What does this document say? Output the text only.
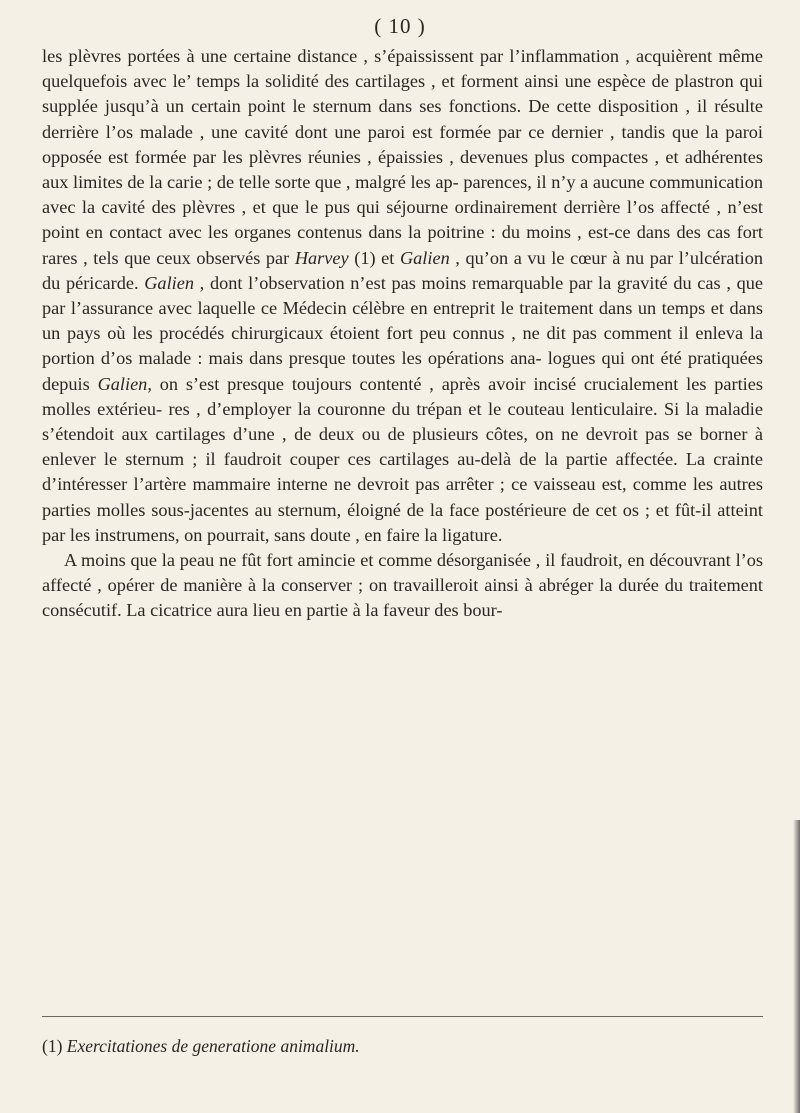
( 10 )

les plèvres portées à une certaine distance , s’épaississent par l’inflammation , acquièrent même quelquefois avec le’ temps la solidité des cartilages , et forment ainsi une espèce de plastron qui supplée jusqu’à un certain point le sternum dans ses fonctions. De cette disposition , il résulte derrière l’os malade , une cavité dont une paroi est formée par ce dernier , tandis que la paroi opposée est formée par les plèvres réunies , épaissies , devenues plus compactes , et adhérentes aux limites de la carie ; de telle sorte que , malgré les ap- parences, il n’y a aucune communication avec la cavité des plèvres , et que le pus qui séjourne ordinairement derrière l’os affecté , n’est point en contact avec les organes contenus dans la poitrine : du moins , est-ce dans des cas fort rares , tels que ceux observés par Harvey (1) et Galien , qu’on a vu le cœur à nu par l’ulcération du péricarde. Galien , dont l’observation n’est pas moins remarquable par la gravité du cas , que par l’assurance avec laquelle ce Médecin célèbre en entreprit le traitement dans un temps et dans un pays où les procédés chirurgicaux étoient fort peu connus , ne dit pas comment il enleva la portion d’os malade : mais dans presque toutes les opérations ana- logues qui ont été pratiquées depuis Galien, on s’est presque toujours contenté , après avoir incisé crucialement les parties molles extérieu- res , d’employer la couronne du trépan et le couteau lenticulaire. Si la maladie s’étendoit aux cartilages d’une , de deux ou de plusieurs côtes, on ne devroit pas se borner à enlever le sternum ; il faudroit couper ces cartilages au-delà de la partie affectée. La crainte d’intéresser l’artère mammaire interne ne devroit pas arrêter ; ce vaisseau est, comme les autres parties molles sous-jacentes au sternum, éloigné de la face postérieure de cet os ; et fût-il atteint par les instrumens, on pourrait, sans doute , en faire la ligature.

A moins que la peau ne fût fort amincie et comme désorganisée , il faudroit, en découvrant l’os affecté , opérer de manière à la conserver ; on travailleroit ainsi à abréger la durée du traitement consécutif. La cicatrice aura lieu en partie à la faveur des bour-

(1) Exercitationes de generatione animalium.
